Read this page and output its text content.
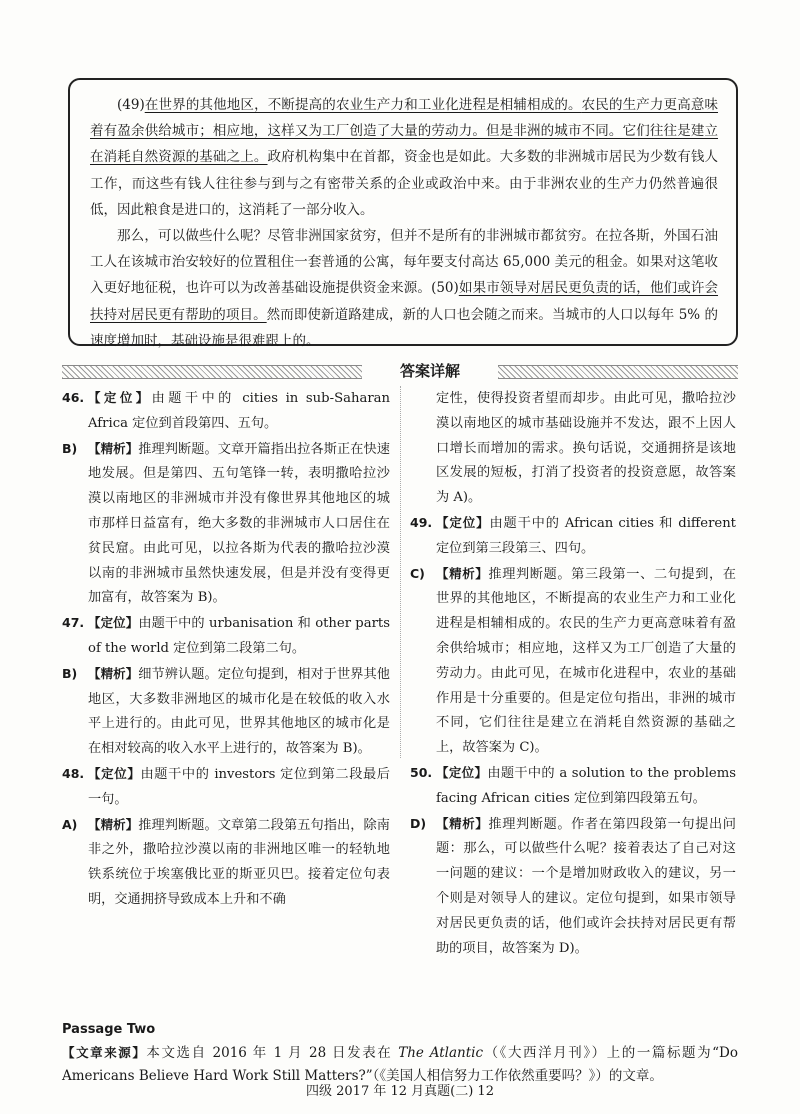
(49)在世界的其他地区，不断提高的农业生产力和工业化进程是相辅相成的。农民的生产力更高意味着有盈余供给城市；相应地，这样又为工厂创造了大量的劳动力。但是非洲的城市不同。它们往往是建立在消耗自然资源的基础之上。政府机构集中在首都，资金也是如此。大多数的非洲城市居民为少数有钱人工作，而这些有钱人往往参与到与之有密带关系的企业或政治中来。由于非洲农业的生产力仍然普遍很低，因此粮食是进口的，这消耗了一部分收入。

那么，可以做些什么呢？尽管非洲国家贫穷，但并不是所有的非洲城市都贫穷。在拉各斯，外国石油工人在该城市治安较好的位置租住一套普通的公寓，每年要支付高达 65,000 美元的租金。如果对这笔收入更好地征税，也许可以为改善基础设施提供资金来源。(50)如果市领导对居民更负责的话，他们或许会扶持对居民更有帮助的项目。然而即使新道路建成，新的人口也会随之而来。当城市的人口以每年 5% 的速度增加时，基础设施是很难跟上的。

答案详解

46. 【定位】由题干中的 cities in sub-Saharan Africa 定位到首段第四、五句。

B) 【精析】推理判断题。文章开篇指出拉各斯正在快速地发展。但是第四、五句笔锋一转，表明撒哈拉沙漠以南地区的非洲城市并没有像世界其他地区的城市那样日益富有，绝大多数的非洲城市人口居住在贫民窟。由此可见，以拉各斯为代表的撒哈拉沙漠以南的非洲城市虽然快速发展，但是并没有变得更加富有，故答案为 B)。

47. 【定位】由题干中的 urbanisation 和 other parts of the world 定位到第二段第二句。

B) 【精析】细节辨认题。定位句提到，相对于世界其他地区，大多数非洲地区的城市化是在较低的收入水平上进行的。由此可见，世界其他地区的城市化是在相对较高的收入水平上进行的，故答案为 B)。

48. 【定位】由题干中的 investors 定位到第二段最后一句。

A) 【精析】推理判断题。文章第二段第五句指出，除南非之外，撒哈拉沙漠以南的非洲地区唯一的轻轨地铁系统位于埃塞俄比亚的斯亚贝巴。接着定位句表明，交通拥挤导致成本上升和不确

定性，使得投资者望而却步。由此可见，撒哈拉沙漠以南地区的城市基础设施并不发达，跟不上因人口增长而增加的需求。换句话说，交通拥挤是该地区发展的短板，打消了投资者的投资意愿，故答案为 A)。

49. 【定位】由题干中的 African cities 和 different 定位到第三段第三、四句。

C) 【精析】推理判断题。第三段第一、二句提到，在世界的其他地区，不断提高的农业生产力和工业化进程是相辅相成的。农民的生产力更高意味着有盈余供给城市；相应地，这样又为工厂创造了大量的劳动力。由此可见，在城市化进程中，农业的基础作用是十分重要的。但是定位句指出，非洲的城市不同，它们往往是建立在消耗自然资源的基础之上，故答案为 C)。

50. 【定位】由题干中的 a solution to the problems facing African cities 定位到第四段第五句。

D) 【精析】推理判断题。作者在第四段第一句提出问题：那么，可以做些什么呢？接着表达了自己对这一问题的建议：一个是增加财政收入的建议，另一个则是对领导人的建议。定位句提到，如果市领导对居民更负责的话，他们或许会扶持对居民更有帮助的项目，故答案为 D)。

Passage Two

【文章来源】本文选自 2016 年 1 月 28 日发表在 The Atlantic（《大西洋月刊》）上的一篇标题为“Do Americans Believe Hard Work Still Matters?”（《美国人相信努力工作依然重要吗？》）的文章。

四级 2017 年 12 月真题(二) 12
